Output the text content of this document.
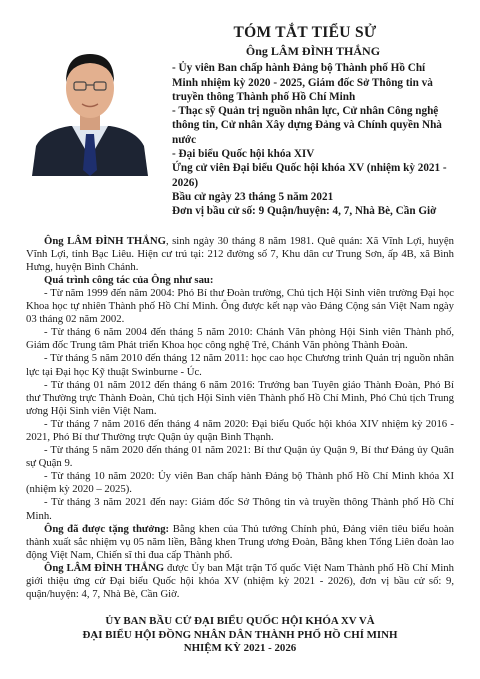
TÓM TẮT TIỂU SỬ
Ông LÂM ĐÌNH THẮNG

- Ủy viên Ban chấp hành Đảng bộ Thành phố Hồ Chí Minh nhiệm kỳ 2020 - 2025, Giám đốc Sở Thông tin và truyền thông Thành phố Hồ Chí Minh

- Thạc sỹ Quản trị nguồn nhân lực, Cử nhân Công nghệ thông tin, Cử nhân Xây dựng Đảng và Chính quyền Nhà nước

- Đại biểu Quốc hội khóa XIV

Ứng cử viên Đại biểu Quốc hội khóa XV (nhiệm kỳ 2021 - 2026)

Bầu cử ngày 23 tháng 5 năm 2021

Đơn vị bầu cử số: 9 Quận/huyện: 4, 7, Nhà Bè, Cần Giờ

Ông LÂM ĐÌNH THẮNG, sinh ngày 30 tháng 8 năm 1981. Quê quán: Xã Vĩnh Lợi, huyện Vĩnh Lợi, tỉnh Bạc Liêu. Hiện cư trú tại: 212 đường số 7, Khu dân cư Trung Sơn, ấp 4B, xã Bình Hưng, huyện Bình Chánh.

Quá trình công tác của Ông như sau:

- Từ năm 1999 đến năm 2004: Phó Bí thư Đoàn trường, Chủ tịch Hội Sinh viên trường Đại học Khoa học tự nhiên Thành phố Hồ Chí Minh. Ông được kết nạp vào Đảng Cộng sản Việt Nam ngày 03 tháng 02 năm 2002.

- Từ tháng 6 năm 2004 đến tháng 5 năm 2010: Chánh Văn phòng Hội Sinh viên Thành phố, Giám đốc Trung tâm Phát triển Khoa học công nghệ Trẻ, Chánh Văn phòng Thành Đoàn.

- Từ tháng 5 năm 2010 đến tháng 12 năm 2011: học cao học Chương trình Quản trị nguồn nhân lực tại Đại học Kỹ thuật Swinburne - Úc.

- Từ tháng 01 năm 2012 đến tháng 6 năm 2016: Trưởng ban Tuyên giáo Thành Đoàn, Phó Bí thư Thường trực Thành Đoàn, Chủ tịch Hội Sinh viên Thành phố Hồ Chí Minh, Phó Chủ tịch Trung ương Hội Sinh viên Việt Nam.

- Từ tháng 7 năm 2016 đến tháng 4 năm 2020: Đại biểu Quốc hội khóa XIV nhiệm kỳ 2016 - 2021, Phó Bí thư Thường trực Quận ủy quận Bình Thạnh.

- Từ tháng 5 năm 2020 đến tháng 01 năm 2021: Bí thư Quận ủy Quận 9, Bí thư Đảng ủy Quân sự Quận 9.

- Từ tháng 10 năm 2020: Ủy viên Ban chấp hành Đảng bộ Thành phố Hồ Chí Minh khóa XI (nhiệm kỳ 2020 – 2025).

- Từ tháng 3 năm 2021 đến nay: Giám đốc Sở Thông tin và truyền thông Thành phố Hồ Chí Minh.

Ông đã được tặng thưởng: Bằng khen của Thủ tướng Chính phủ, Đảng viên tiêu biểu hoàn thành xuất sắc nhiệm vụ 05 năm liền, Bằng khen Trung ương Đoàn, Bằng khen Tổng Liên đoàn lao động Việt Nam, Chiến sĩ thi đua cấp Thành phố.

Ông LÂM ĐÌNH THẮNG được Ủy ban Mặt trận Tổ quốc Việt Nam Thành phố Hồ Chí Minh giới thiệu ứng cử Đại biểu Quốc hội khóa XV (nhiệm kỳ 2021 - 2026), đơn vị bầu cử số: 9, quận/huyện: 4, 7, Nhà Bè, Cần Giờ.

ỦY BAN BẦU CỬ ĐẠI BIỂU QUỐC HỘI KHÓA XV VÀ
ĐẠI BIỂU HỘI ĐỒNG NHÂN DÂN THÀNH PHỐ HỒ CHÍ MINH
NHIỆM KỲ 2021 - 2026
